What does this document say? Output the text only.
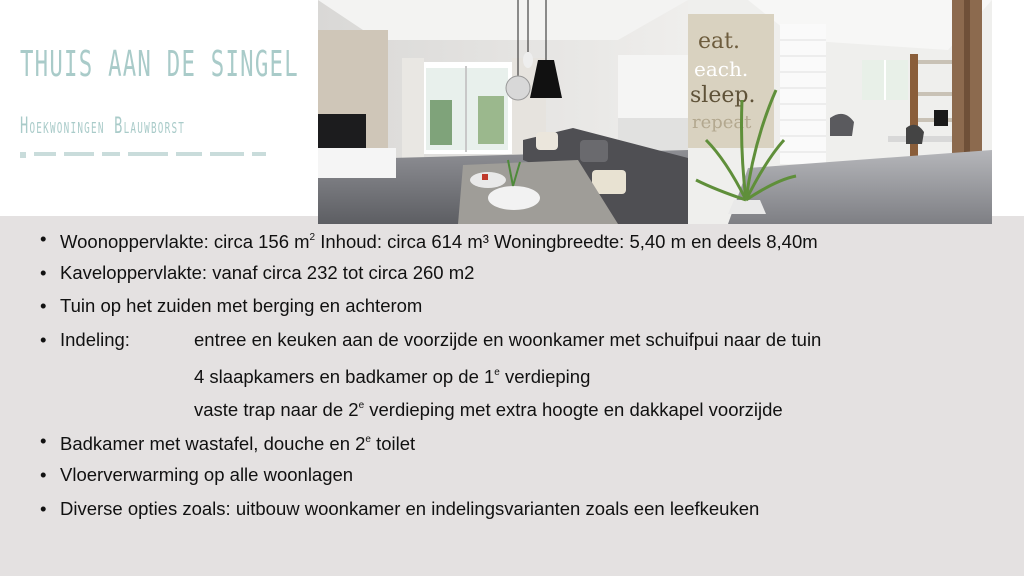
THUIS AAN DE SINGEL
Hoekwoningen Blauwborst
eat.
each.
sleep.
repeat
•
Woonoppervlakte: circa 156 $m^2$ Inhoud: circa 614 m³ Woningbreedte: 5,40 m en deels 8,40m
•
Kaveloppervlakte: vanaf circa 232 tot circa 260 m2
•
Tuin op het zuiden met berging en achterom
•
Indeling:	entree en keuken aan de voorzijde en woonkamer met schuifpui naar de tuin
4 slaapkamers en badkamer op de 1e verdieping
vaste trap naar de 2e verdieping met extra hoogte en dakkapel voorzijde
•
Badkamer met wastafel, douche en 2e toilet
•
Vloerverwarming op alle woonlagen
•
Diverse opties zoals: uitbouw woonkamer en indelingsvarianten zoals een leefkeuken
